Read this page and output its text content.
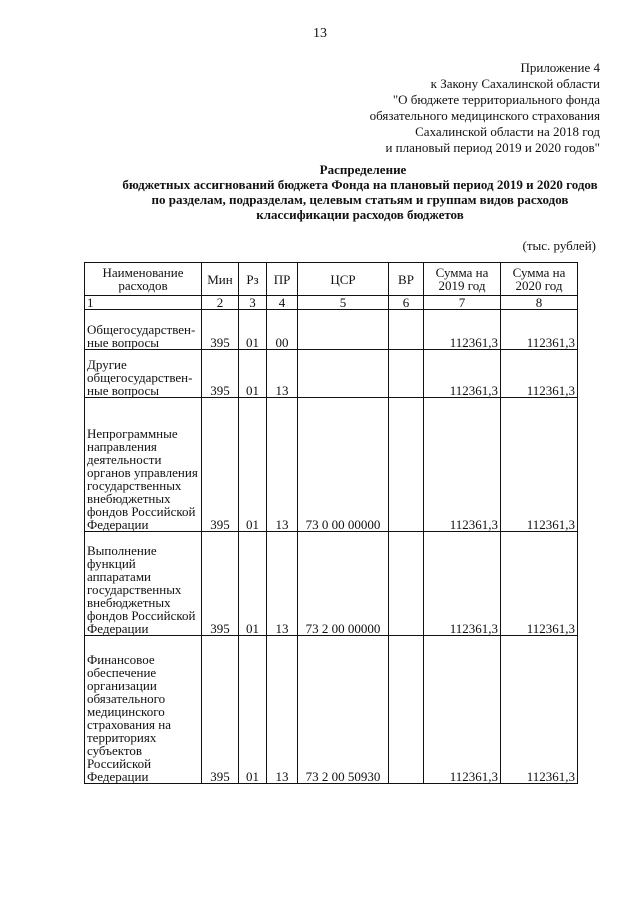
13
Приложение 4
к Закону Сахалинской области
"О бюджете территориального фонда
обязательного медицинского страхования
Сахалинской области на 2018 год
и плановый период 2019 и 2020 годов"
Распределение
бюджетных ассигнований бюджета Фонда на плановый период 2019 и 2020 годов
по разделам, подразделам, целевым статьям и группам видов расходов
классификации расходов бюджетов
(тыс. рублей)
Наименование расходов	Мин	Рз	ПР	ЦСР	ВР	Сумма на 2019 год	Сумма на 2020 год
1	2	3	4	5	6	7	8
Общегосударствен-ные вопросы	395	01	00			112361,3	112361,3
Другие общегосударствен-ные вопросы	395	01	13			112361,3	112361,3
Непрограммные направления деятельности органов управления государственных внебюджетных фондов Российской Федерации	395	01	13	73 0 00 00000		112361,3	112361,3
Выполнение функций аппаратами государственных внебюджетных фондов Российской Федерации	395	01	13	73 2 00 00000		112361,3	112361,3
Финансовое обеспечение организации обязательного медицинского страхования на территориях субъектов Российской Федерации	395	01	13	73 2 00 50930		112361,3	112361,3
